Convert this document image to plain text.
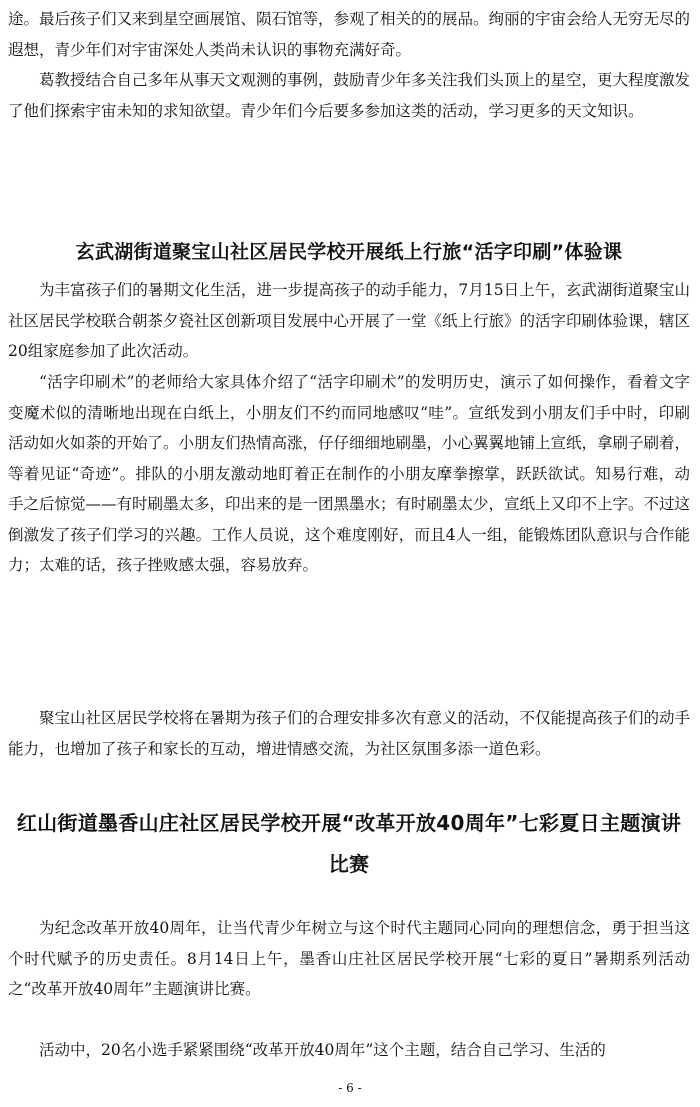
途。最后孩子们又来到星空画展馆、陨石馆等，参观了相关的的展品。绚丽的宇宙会给人无穷无尽的遐想，青少年们对宇宙深处人类尚未认识的事物充满好奇。

葛教授结合自己多年从事天文观测的事例，鼓励青少年多关注我们头顶上的星空，更大程度激发了他们探索宇宙未知的求知欲望。青少年们今后要多参加这类的活动，学习更多的天文知识。

玄武湖街道聚宝山社区居民学校开展纸上行旅“活字印刷”体验课

为丰富孩子们的暑期文化生活，进一步提高孩子的动手能力，7月15日上午，玄武湖街道聚宝山社区居民学校联合朝茶夕瓷社区创新项目发展中心开展了一堂《纸上行旅》的活字印刷体验课，辖区20组家庭参加了此次活动。

“活字印刷术”的老师给大家具体介绍了“活字印刷术”的发明历史，演示了如何操作，看着文字变魔术似的清晰地出现在白纸上，小朋友们不约而同地感叹“哇”。宣纸发到小朋友们手中时，印刷活动如火如荼的开始了。小朋友们热情高涨，仔仔细细地刷墨，小心翼翼地铺上宣纸，拿刷子刷着，等着见证“奇迹”。排队的小朋友激动地盯着正在制作的小朋友摩拳擦掌，跃跃欲试。知易行难，动手之后惊觉——有时刷墨太多，印出来的是一团黑墨水；有时刷墨太少，宣纸上又印不上字。不过这倒激发了孩子们学习的兴趣。工作人员说，这个难度刚好，而且4人一组，能锻炼团队意识与合作能力；太难的话，孩子挫败感太强，容易放弃。

聚宝山社区居民学校将在暑期为孩子们的合理安排多次有意义的活动，不仅能提高孩子们的动手能力，也增加了孩子和家长的互动，增进情感交流，为社区氛围多添一道色彩。

红山街道墨香山庄社区居民学校开展“改革开放40周年”七彩夏日主题演讲比赛

为纪念改革开放40周年，让当代青少年树立与这个时代主题同心同向的理想信念，勇于担当这个时代赋予的历史责任。8月14日上午，墨香山庄社区居民学校开展“七彩的夏日”暑期系列活动之“改革开放40周年”主题演讲比赛。

活动中，20名小选手紧紧围绕“改革开放40周年”这个主题，结合自己学习、生活的

- 6 -
